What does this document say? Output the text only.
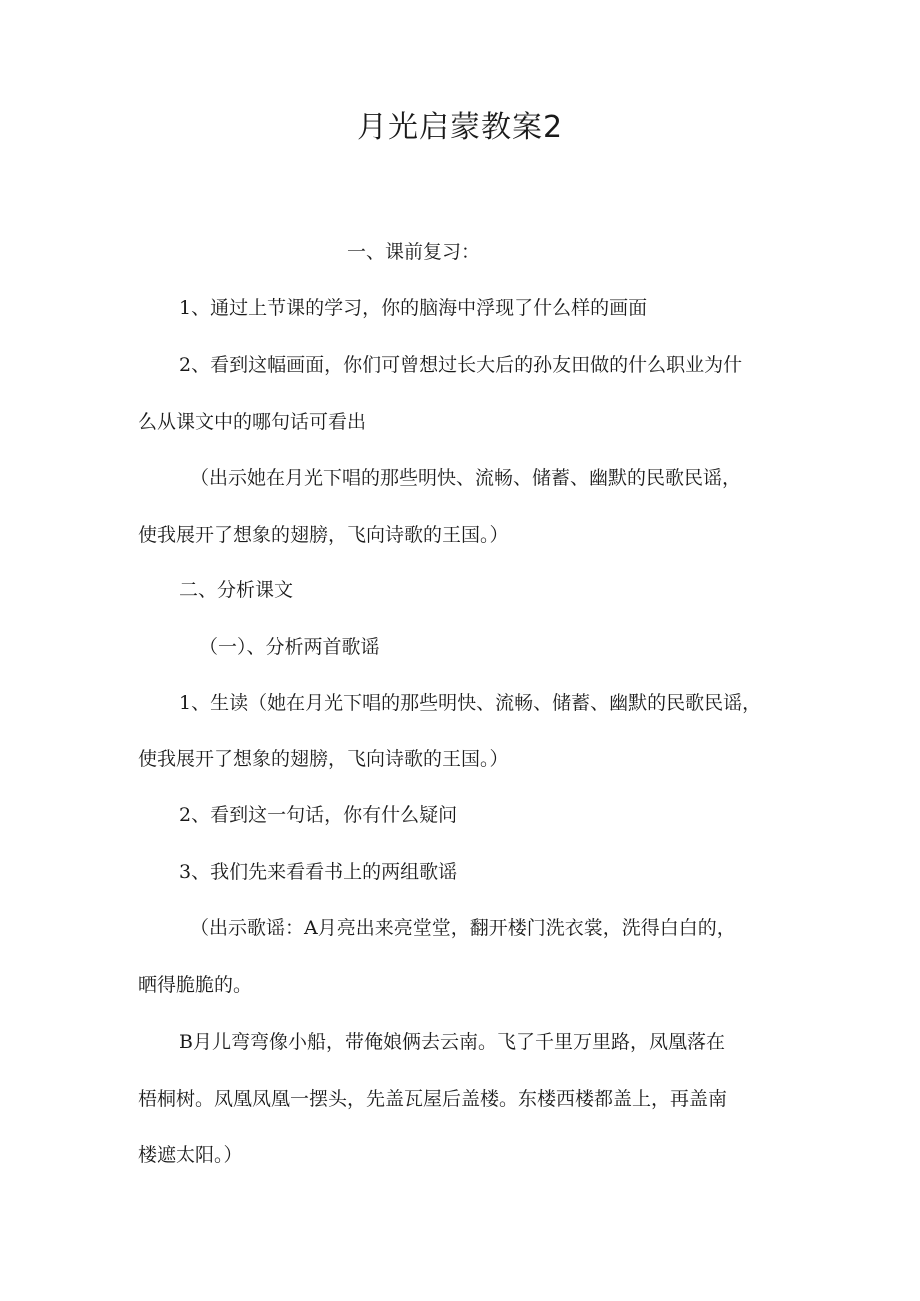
月光启蒙教案2

一、课前复习：

1、通过上节课的学习，你的脑海中浮现了什么样的画面

2、看到这幅画面，你们可曾想过长大后的孙友田做的什么职业为什

么从课文中的哪句话可看出

（出示她在月光下唱的那些明快、流畅、储蓄、幽默的民歌民谣，

使我展开了想象的翅膀，飞向诗歌的王国。）

二、分析课文

（一）、分析两首歌谣

1、生读（她在月光下唱的那些明快、流畅、储蓄、幽默的民歌民谣，

使我展开了想象的翅膀，飞向诗歌的王国。）

2、看到这一句话，你有什么疑问

3、我们先来看看书上的两组歌谣

（出示歌谣：A月亮出来亮堂堂，翻开楼门洗衣裳，洗得白白的，

晒得脆脆的。

B月儿弯弯像小船，带俺娘俩去云南。飞了千里万里路，凤凰落在

梧桐树。凤凰凤凰一摆头，先盖瓦屋后盖楼。东楼西楼都盖上，再盖南

楼遮太阳。）
